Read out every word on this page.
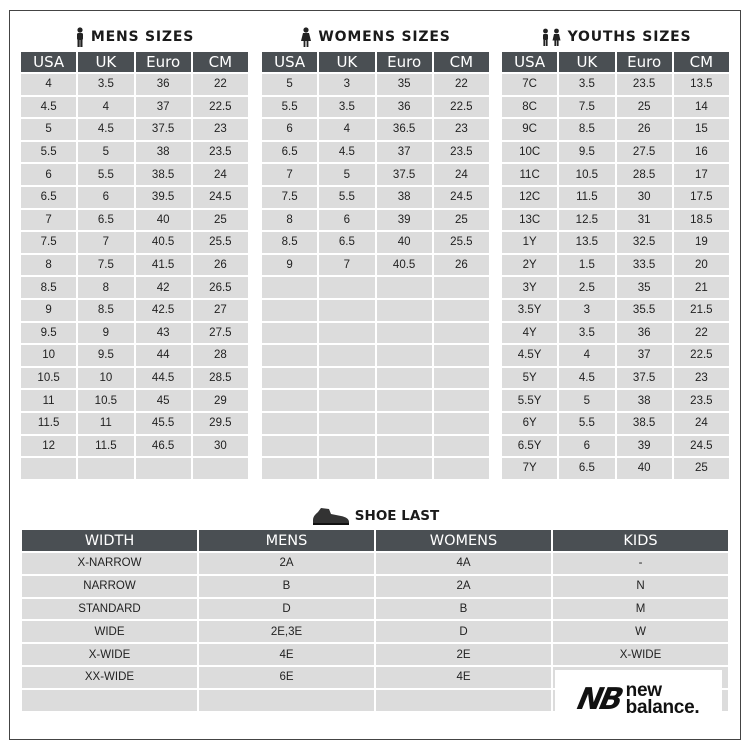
MENS SIZES
USA	UK	Euro	CM
4	3.5	36	22
4.5	4	37	22.5
5	4.5	37.5	23
5.5	5	38	23.5
6	5.5	38.5	24
6.5	6	39.5	24.5
7	6.5	40	25
7.5	7	40.5	25.5
8	7.5	41.5	26
8.5	8	42	26.5
9	8.5	42.5	27
9.5	9	43	27.5
10	9.5	44	28
10.5	10	44.5	28.5
11	10.5	45	29
11.5	11	45.5	29.5
12	11.5	46.5	30

WOMENS SIZES
USA	UK	Euro	CM
5	3	35	22
5.5	3.5	36	22.5
6	4	36.5	23
6.5	4.5	37	23.5
7	5	37.5	24
7.5	5.5	38	24.5
8	6	39	25
8.5	6.5	40	25.5
9	7	40.5	26

YOUTHS SIZES
USA	UK	Euro	CM
7C	3.5	23.5	13.5
8C	7.5	25	14
9C	8.5	26	15
10C	9.5	27.5	16
11C	10.5	28.5	17
12C	11.5	30	17.5
13C	12.5	31	18.5
1Y	13.5	32.5	19
2Y	1.5	33.5	20
3Y	2.5	35	21
3.5Y	3	35.5	21.5
4Y	3.5	36	22
4.5Y	4	37	22.5
5Y	4.5	37.5	23
5.5Y	5	38	23.5
6Y	5.5	38.5	24
6.5Y	6	39	24.5
7Y	6.5	40	25
SHOE LAST
WIDTH	MENS	WOMENS	KIDS
X-NARROW	2A	4A	-
NARROW	B	2A	N
STANDARD	D	B	M
WIDE	2E,3E	D	W
X-WIDE	4E	2E	X-WIDE
XX-WIDE	6E	4E	

NB new
balance.
